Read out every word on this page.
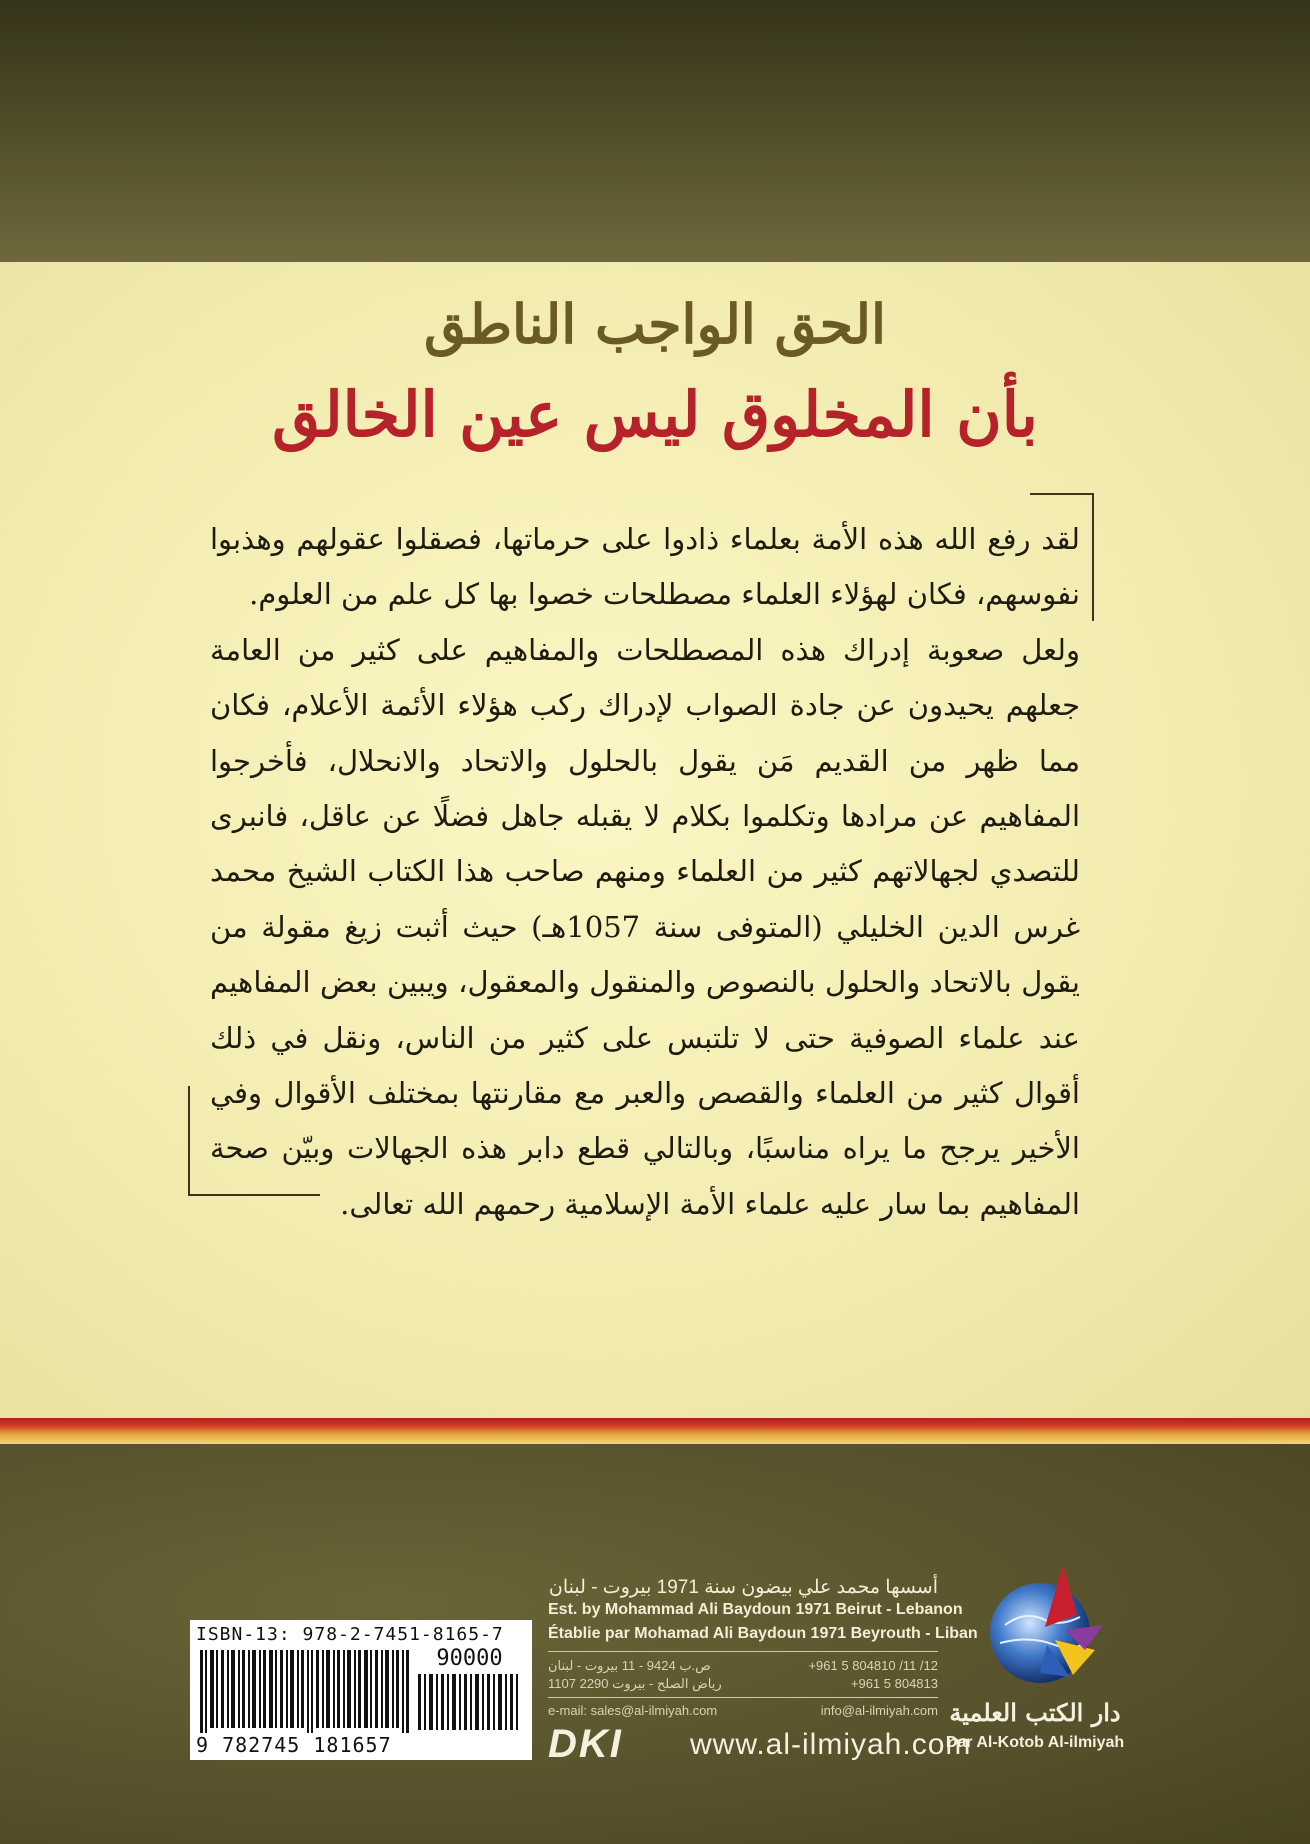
الحق الواجب الناطق
بأن المخلوق ليس عين الخالق

لقد رفع الله هذه الأمة بعلماء ذادوا على حرماتها، فصقلوا عقولهم وهذبوا نفوسهم، فكان لهؤلاء العلماء مصطلحات خصوا بها كل علم من العلوم.

ولعل صعوبة إدراك هذه المصطلحات والمفاهيم على كثير من العامة جعلهم يحيدون عن جادة الصواب لإدراك ركب هؤلاء الأئمة الأعلام، فكان مما ظهر من القديم مَن يقول بالحلول والاتحاد والانحلال، فأخرجوا المفاهيم عن مرادها وتكلموا بكلام لا يقبله جاهل فضلًا عن عاقل، فانبرى للتصدي لجهالاتهم كثير من العلماء ومنهم صاحب هذا الكتاب الشيخ محمد غرس الدين الخليلي (المتوفى سنة 1057هـ) حيث أثبت زيغ مقولة من يقول بالاتحاد والحلول بالنصوص والمنقول والمعقول، ويبين بعض المفاهيم عند علماء الصوفية حتى لا تلتبس على كثير من الناس، ونقل في ذلك أقوال كثير من العلماء والقصص والعبر مع مقارنتها بمختلف الأقوال وفي الأخير يرجح ما يراه مناسبًا، وبالتالي قطع دابر هذه الجهالات وبيّن صحة المفاهيم بما سار عليه علماء الأمة الإسلامية رحمهم الله تعالى.

ISBN-13: 978-2-7451-8165-7
90000
9 782745 181657
أسسها محمد علي بيضون سنة 1971 بيروت - لبنان
Est. by Mohammad Ali Baydoun 1971 Beirut - Lebanon
Établie par Mohamad Ali Baydoun 1971 Beyrouth - Liban
ص.ب 9424 - 11 بيروت - لبنان	+961 5 804810 /11 /12
رياض الصلح - بيروت 2290 1107	+961 5 804813
e-mail: sales@al-ilmiyah.com	info@al-ilmiyah.com
DKI www.al-ilmiyah.com
دار الكتب العلمية
Dar Al-Kotob Al-ilmiyah
